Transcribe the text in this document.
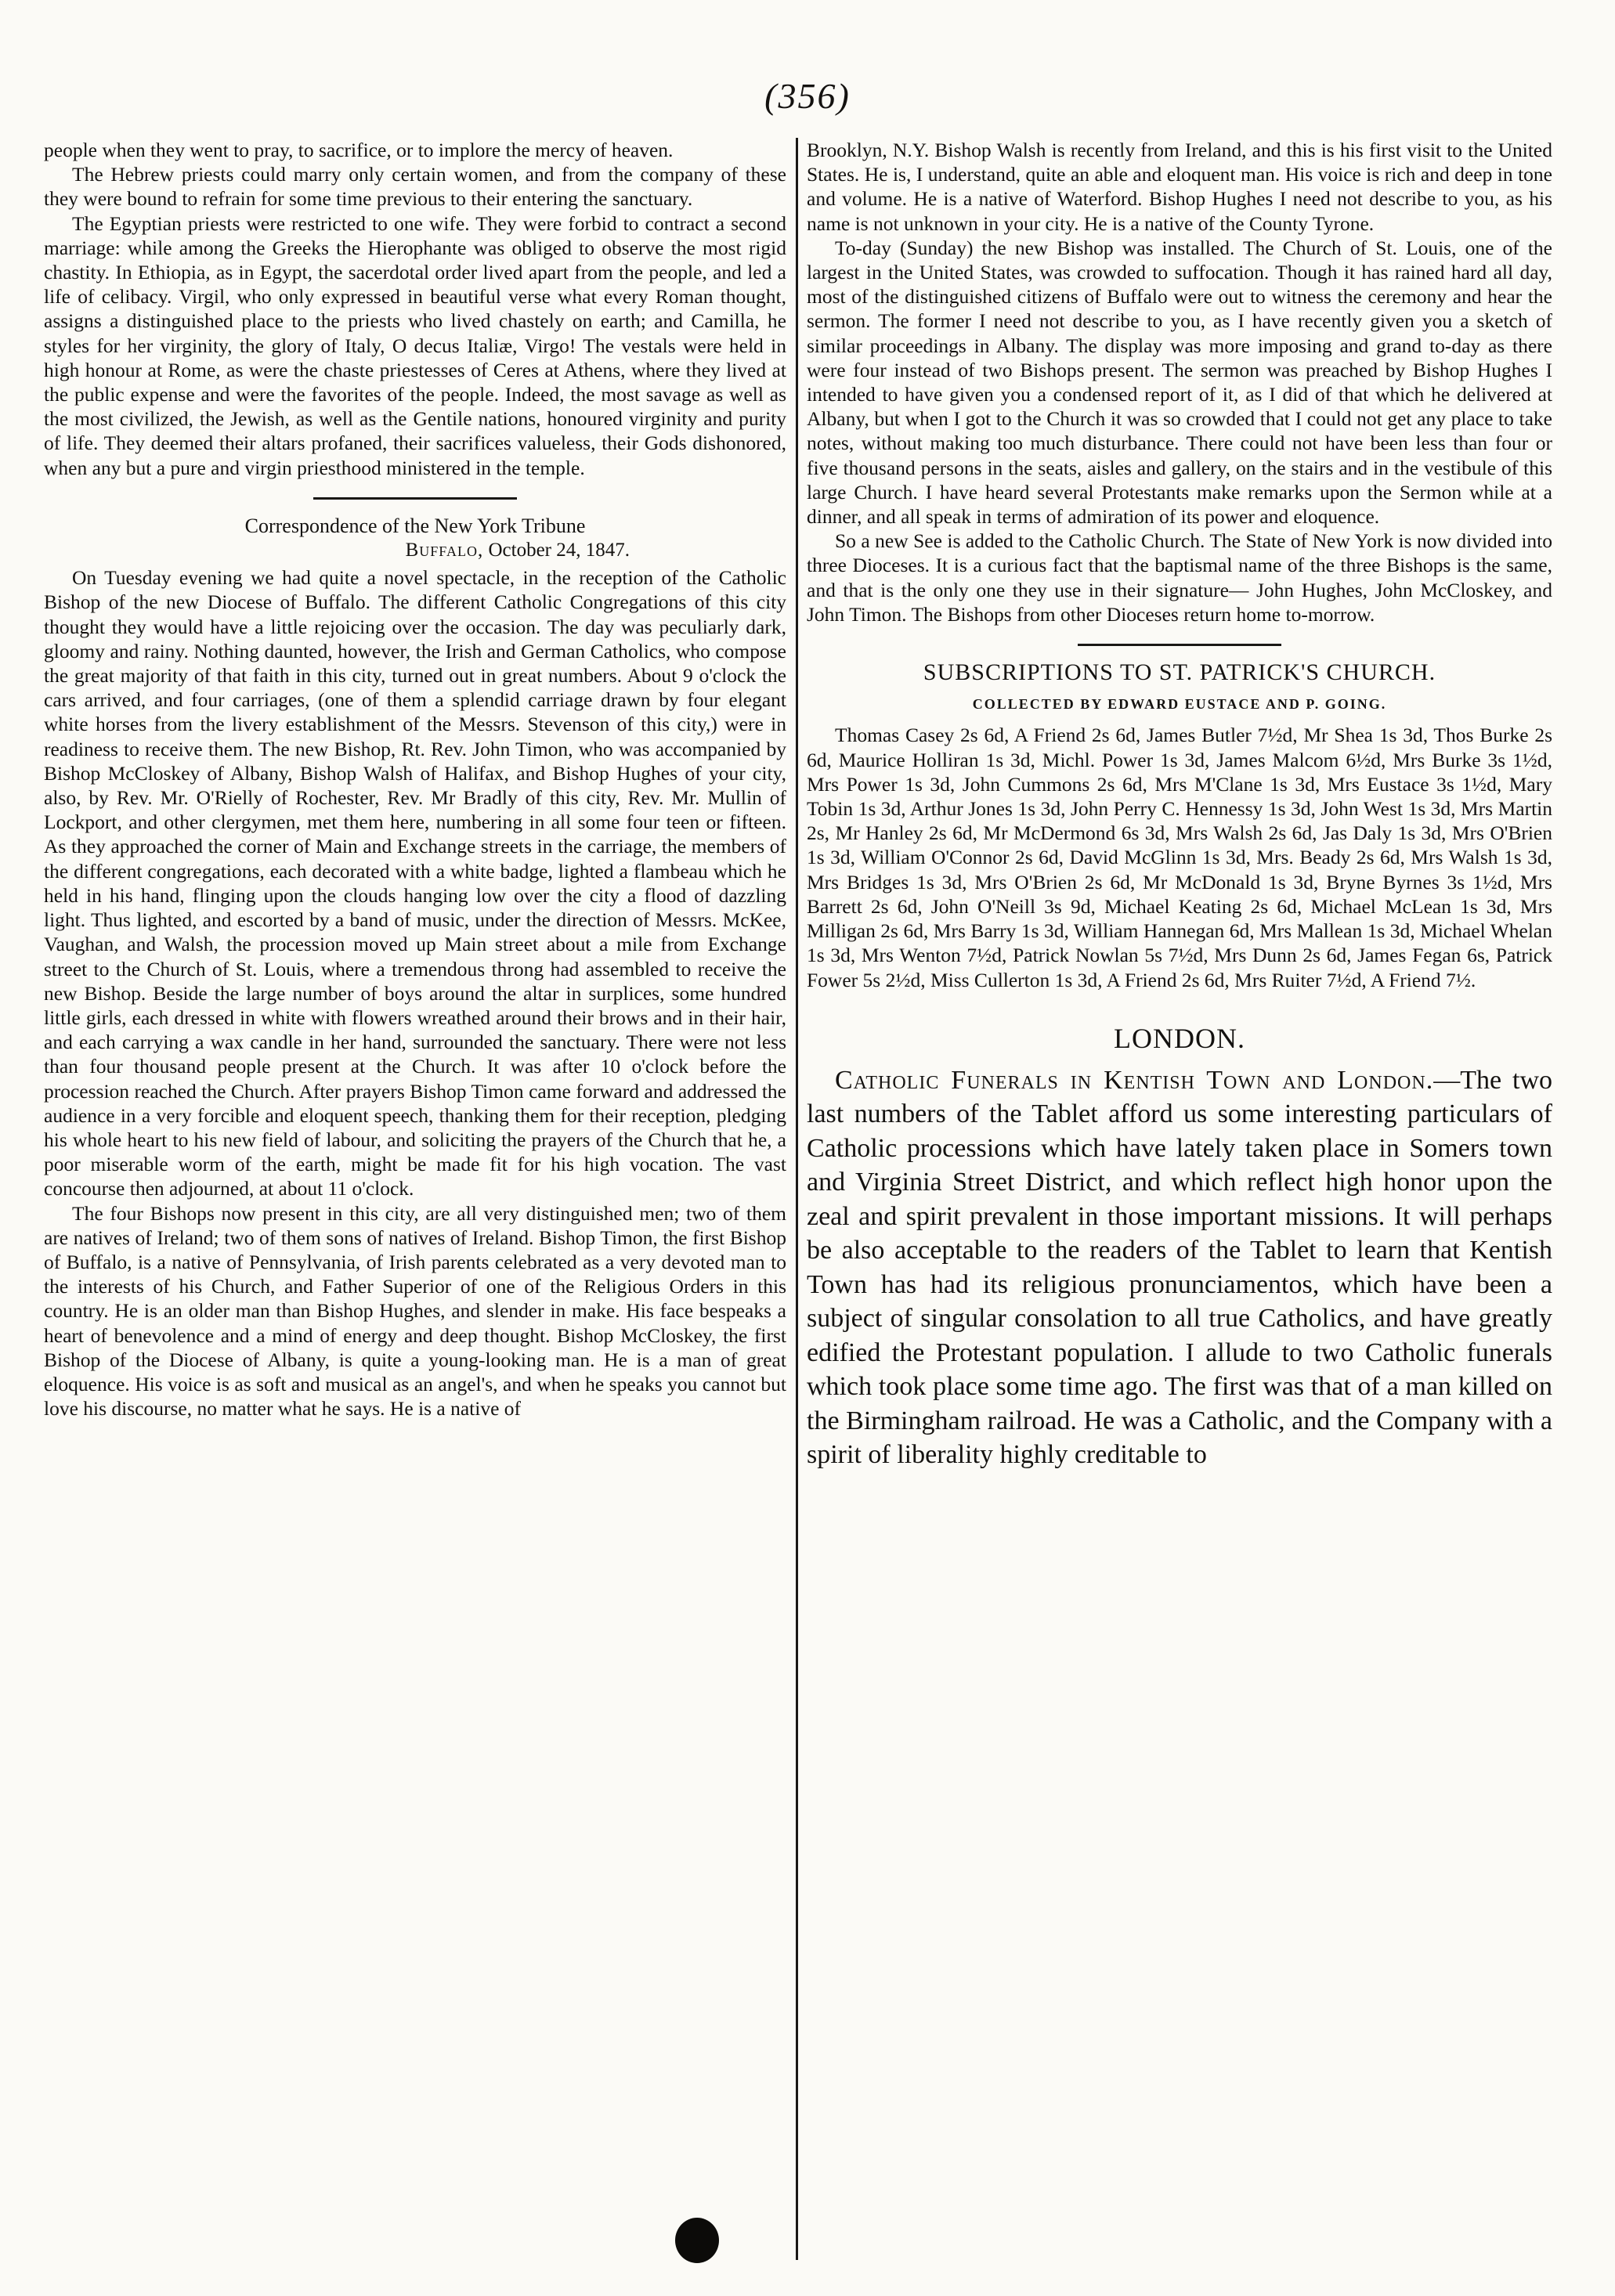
(356)

people when they went to pray, to sacrifice, or to implore the mercy of heaven.

The Hebrew priests could marry only certain women, and from the company of these they were bound to refrain for some time previous to their entering the sanctuary.

The Egyptian priests were restricted to one wife. They were forbid to contract a second marriage: while among the Greeks the Hierophante was obliged to observe the most rigid chastity. In Ethiopia, as in Egypt, the sacerdotal order lived apart from the people, and led a life of celibacy. Virgil, who only expressed in beautiful verse what every Roman thought, assigns a distinguished place to the priests who lived chastely on earth; and Camilla, he styles for her virginity, the glory of Italy, O decus Italiæ, Virgo! The vestals were held in high honour at Rome, as were the chaste priestesses of Ceres at Athens, where they lived at the public expense and were the favorites of the people. Indeed, the most savage as well as the most civilized, the Jewish, as well as the Gentile nations, honoured virginity and purity of life. They deemed their altars profaned, their sacrifices valueless, their Gods dishonored, when any but a pure and virgin priesthood ministered in the temple.

Correspondence of the New York Tribune
Buffalo, October 24, 1847.

On Tuesday evening we had quite a novel spectacle, in the reception of the Catholic Bishop of the new Diocese of Buffalo. The different Catholic Congregations of this city thought they would have a little rejoicing over the occasion. The day was peculiarly dark, gloomy and rainy. Nothing daunted, however, the Irish and German Catholics, who compose the great majority of that faith in this city, turned out in great numbers. About 9 o'clock the cars arrived, and four carriages, (one of them a splendid carriage drawn by four elegant white horses from the livery establishment of the Messrs. Stevenson of this city,) were in readiness to receive them. The new Bishop, Rt. Rev. John Timon, who was accompanied by Bishop McCloskey of Albany, Bishop Walsh of Halifax, and Bishop Hughes of your city, also, by Rev. Mr. O'Rielly of Rochester, Rev. Mr Bradly of this city, Rev. Mr. Mullin of Lockport, and other clergymen, met them here, numbering in all some four teen or fifteen. As they approached the corner of Main and Exchange streets in the carriage, the members of the different congregations, each decorated with a white badge, lighted a flambeau which he held in his hand, flinging upon the clouds hanging low over the city a flood of dazzling light. Thus lighted, and escorted by a band of music, under the direction of Messrs. McKee, Vaughan, and Walsh, the procession moved up Main street about a mile from Exchange street to the Church of St. Louis, where a tremendous throng had assembled to receive the new Bishop. Beside the large number of boys around the altar in surplices, some hundred little girls, each dressed in white with flowers wreathed around their brows and in their hair, and each carrying a wax candle in her hand, surrounded the sanctuary. There were not less than four thousand people present at the Church. It was after 10 o'clock before the procession reached the Church. After prayers Bishop Timon came forward and addressed the audience in a very forcible and eloquent speech, thanking them for their reception, pledging his whole heart to his new field of labour, and soliciting the prayers of the Church that he, a poor miserable worm of the earth, might be made fit for his high vocation. The vast concourse then adjourned, at about 11 o'clock.

The four Bishops now present in this city, are all very distinguished men; two of them are natives of Ireland; two of them sons of natives of Ireland. Bishop Timon, the first Bishop of Buffalo, is a native of Pennsylvania, of Irish parents celebrated as a very devoted man to the interests of his Church, and Father Superior of one of the Religious Orders in this country. He is an older man than Bishop Hughes, and slender in make. His face bespeaks a heart of benevolence and a mind of energy and deep thought. Bishop McCloskey, the first Bishop of the Diocese of Albany, is quite a young-looking man. He is a man of great eloquence. His voice is as soft and musical as an angel's, and when he speaks you cannot but love his discourse, no matter what he says. He is a native of

Brooklyn, N.Y. Bishop Walsh is recently from Ireland, and this is his first visit to the United States. He is, I understand, quite an able and eloquent man. His voice is rich and deep in tone and volume. He is a native of Waterford. Bishop Hughes I need not describe to you, as his name is not unknown in your city. He is a native of the County Tyrone.

To-day (Sunday) the new Bishop was installed. The Church of St. Louis, one of the largest in the United States, was crowded to suffocation. Though it has rained hard all day, most of the distinguished citizens of Buffalo were out to witness the ceremony and hear the sermon. The former I need not describe to you, as I have recently given you a sketch of similar proceedings in Albany. The display was more imposing and grand to-day as there were four instead of two Bishops present. The sermon was preached by Bishop Hughes I intended to have given you a condensed report of it, as I did of that which he delivered at Albany, but when I got to the Church it was so crowded that I could not get any place to take notes, without making too much disturbance. There could not have been less than four or five thousand persons in the seats, aisles and gallery, on the stairs and in the vestibule of this large Church. I have heard several Protestants make remarks upon the Sermon while at a dinner, and all speak in terms of admiration of its power and eloquence.

So a new See is added to the Catholic Church. The State of New York is now divided into three Dioceses. It is a curious fact that the baptismal name of the three Bishops is the same, and that is the only one they use in their signature— John Hughes, John McCloskey, and John Timon. The Bishops from other Dioceses return home to-morrow.

SUBSCRIPTIONS TO ST. PATRICK'S CHURCH.
COLLECTED BY EDWARD EUSTACE AND P. GOING.

Thomas Casey 2s 6d, A Friend 2s 6d, James Butler 7½d, Mr Shea 1s 3d, Thos Burke 2s 6d, Maurice Holliran 1s 3d, Michl. Power 1s 3d, James Malcom 6½d, Mrs Burke 3s 1½d, Mrs Power 1s 3d, John Cummons 2s 6d, Mrs M'Clane 1s 3d, Mrs Eustace 3s 1½d, Mary Tobin 1s 3d, Arthur Jones 1s 3d, John Perry C. Hennessy 1s 3d, John West 1s 3d, Mrs Martin 2s, Mr Hanley 2s 6d, Mr McDermond 6s 3d, Mrs Walsh 2s 6d, Jas Daly 1s 3d, Mrs O'Brien 1s 3d, William O'Connor 2s 6d, David McGlinn 1s 3d, Mrs. Beady 2s 6d, Mrs Walsh 1s 3d, Mrs Bridges 1s 3d, Mrs O'Brien 2s 6d, Mr McDonald 1s 3d, Bryne Byrnes 3s 1½d, Mrs Barrett 2s 6d, John O'Neill 3s 9d, Michael Keating 2s 6d, Michael McLean 1s 3d, Mrs Milligan 2s 6d, Mrs Barry 1s 3d, William Hannegan 6d, Mrs Mallean 1s 3d, Michael Whelan 1s 3d, Mrs Wenton 7½d, Patrick Nowlan 5s 7½d, Mrs Dunn 2s 6d, James Fegan 6s, Patrick Fower 5s 2½d, Miss Cullerton 1s 3d, A Friend 2s 6d, Mrs Ruiter 7½d, A Friend 7½.

LONDON.

Catholic Funerals in Kentish Town and London.—The two last numbers of the Tablet afford us some interesting particulars of Catholic processions which have lately taken place in Somers town and Virginia Street District, and which reflect high honor upon the zeal and spirit prevalent in those important missions. It will perhaps be also acceptable to the readers of the Tablet to learn that Kentish Town has had its religious pronunciamentos, which have been a subject of singular consolation to all true Catholics, and have greatly edified the Protestant population. I allude to two Catholic funerals which took place some time ago. The first was that of a man killed on the Birmingham railroad. He was a Catholic, and the Company with a spirit of liberality highly creditable to
